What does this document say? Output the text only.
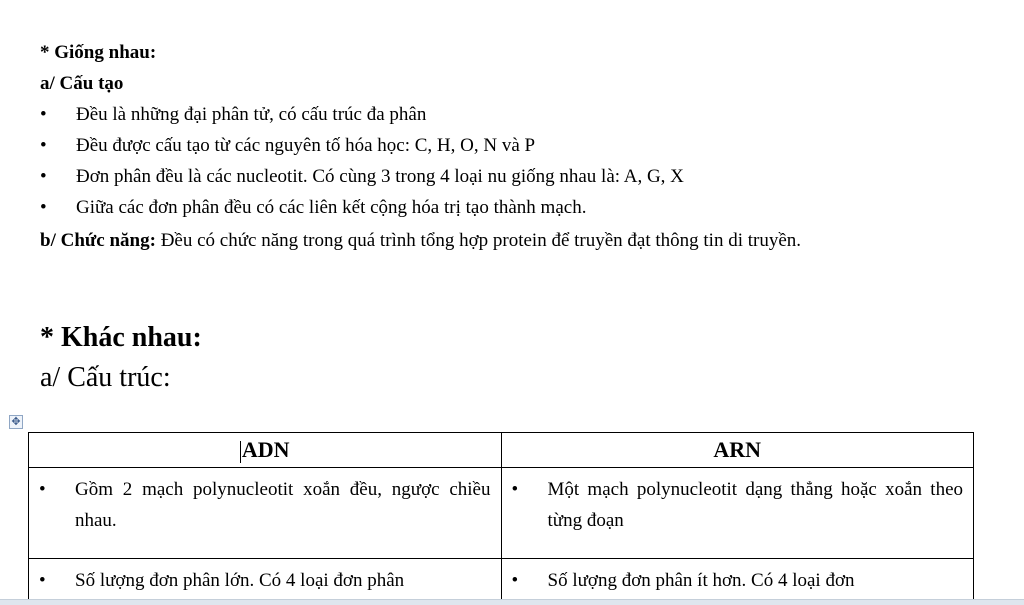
* Giống nhau:
a/ Cấu tạo
•	Đều là những đại phân tử, có cấu trúc đa phân
•	Đều được cấu tạo từ các nguyên tố hóa học: C, H, O, N và P
•	Đơn phân đều là các nucleotit. Có cùng 3 trong 4 loại nu giống nhau là: A, G, X
•	Giữa các đơn phân đều có các liên kết cộng hóa trị tạo thành mạch.
b/ Chức năng: Đều có chức năng trong quá trình tổng hợp protein để truyền đạt thông tin di truyền.
* Khác nhau:
a/ Cấu trúc:
✥
ADN	ARN

• Gồm 2 mạch polynucleotit xoắn đều, ngược chiều nhau.	• Một mạch polynucleotit dạng thẳng hoặc xoắn theo từng đoạn

• Số lượng đơn phân lớn. Có 4 loại đơn phân	• Số lượng đơn phân ít hơn. Có 4 loại đơn
